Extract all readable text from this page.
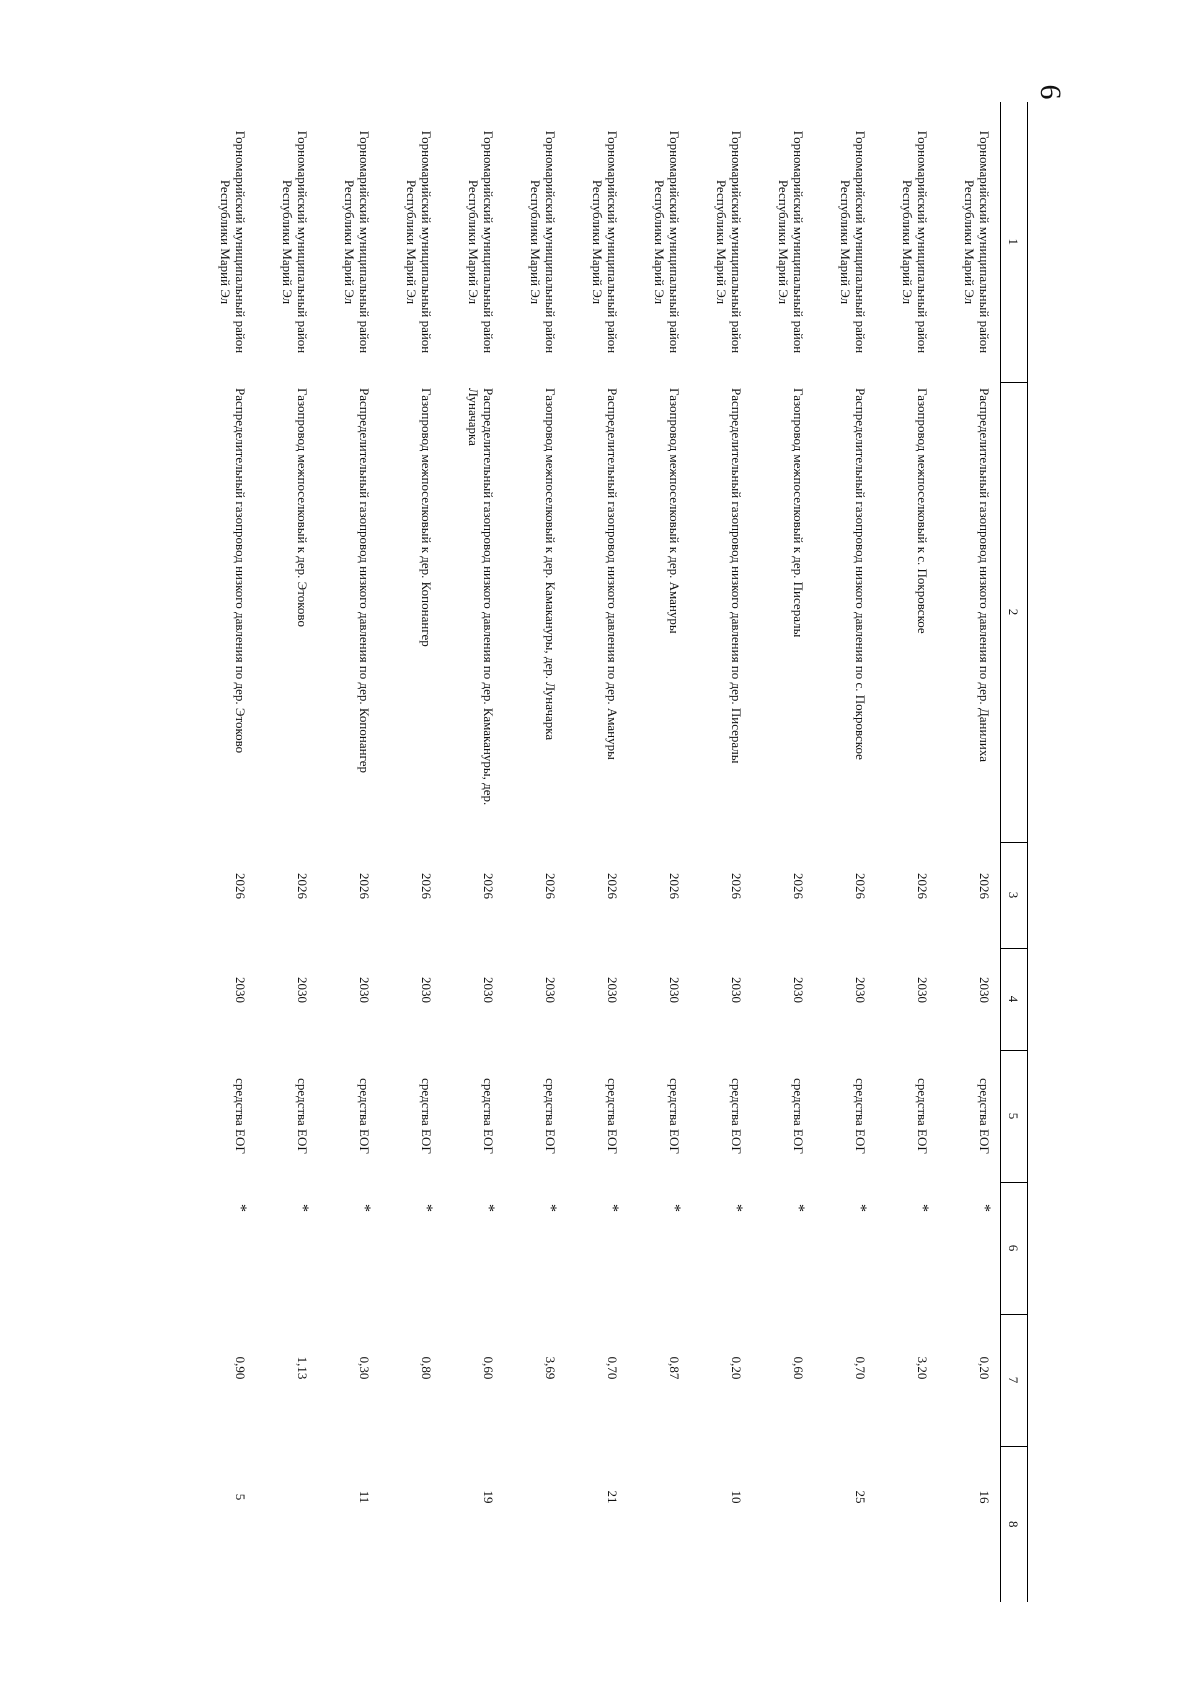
6
1	2	3	4	5	6	7	8
Горномарийский муниципальный район Республики Марий Эл	Распределительный газопровод низкого давления по дер. Данилиха	2026	2030	средства ЕОГ	*	0,20	16
Горномарийский муниципальный район Республики Марий Эл	Газопровод межпоселковый к с. Покровское	2026	2030	средства ЕОГ	*	3,20	
Горномарийский муниципальный район Республики Марий Эл	Распределительный газопровод низкого давления по с. Покровское	2026	2030	средства ЕОГ	*	0,70	25
Горномарийский муниципальный район Республики Марий Эл	Газопровод межпоселковый к дер. Писералы	2026	2030	средства ЕОГ	*	0,60	
Горномарийский муниципальный район Республики Марий Эл	Распределительный газопровод низкого давления по дер. Писералы	2026	2030	средства ЕОГ	*	0,20	10
Горномарийский муниципальный район Республики Марий Эл	Газопровод межпоселковый к дер. Амануры	2026	2030	средства ЕОГ	*	0,87	
Горномарийский муниципальный район Республики Марий Эл	Распределительный газопровод низкого давления по дер. Амануры	2026	2030	средства ЕОГ	*	0,70	21
Горномарийский муниципальный район Республики Марий Эл	Газопровод межпоселковый к дер. Камакануры, дер. Луначарка	2026	2030	средства ЕОГ	*	3,69	
Горномарийский муниципальный район Республики Марий Эл	Распределительный газопровод низкого давления по дер. Камакануры, дер. Луначарка	2026	2030	средства ЕОГ	*	0,60	19
Горномарийский муниципальный район Республики Марий Эл	Газопровод межпоселковый к дер. Копонангер	2026	2030	средства ЕОГ	*	0,80	
Горномарийский муниципальный район Республики Марий Эл	Распределительный газопровод низкого давления по дер. Копонангер	2026	2030	средства ЕОГ	*	0,30	11
Горномарийский муниципальный район Республики Марий Эл	Газопровод межпоселковый к дер. Этоково	2026	2030	средства ЕОГ	*	1,13	
Горномарийский муниципальный район Республики Марий Эл	Распределительный газопровод низкого давления по дер. Этоково	2026	2030	средства ЕОГ	*	0,90	5
